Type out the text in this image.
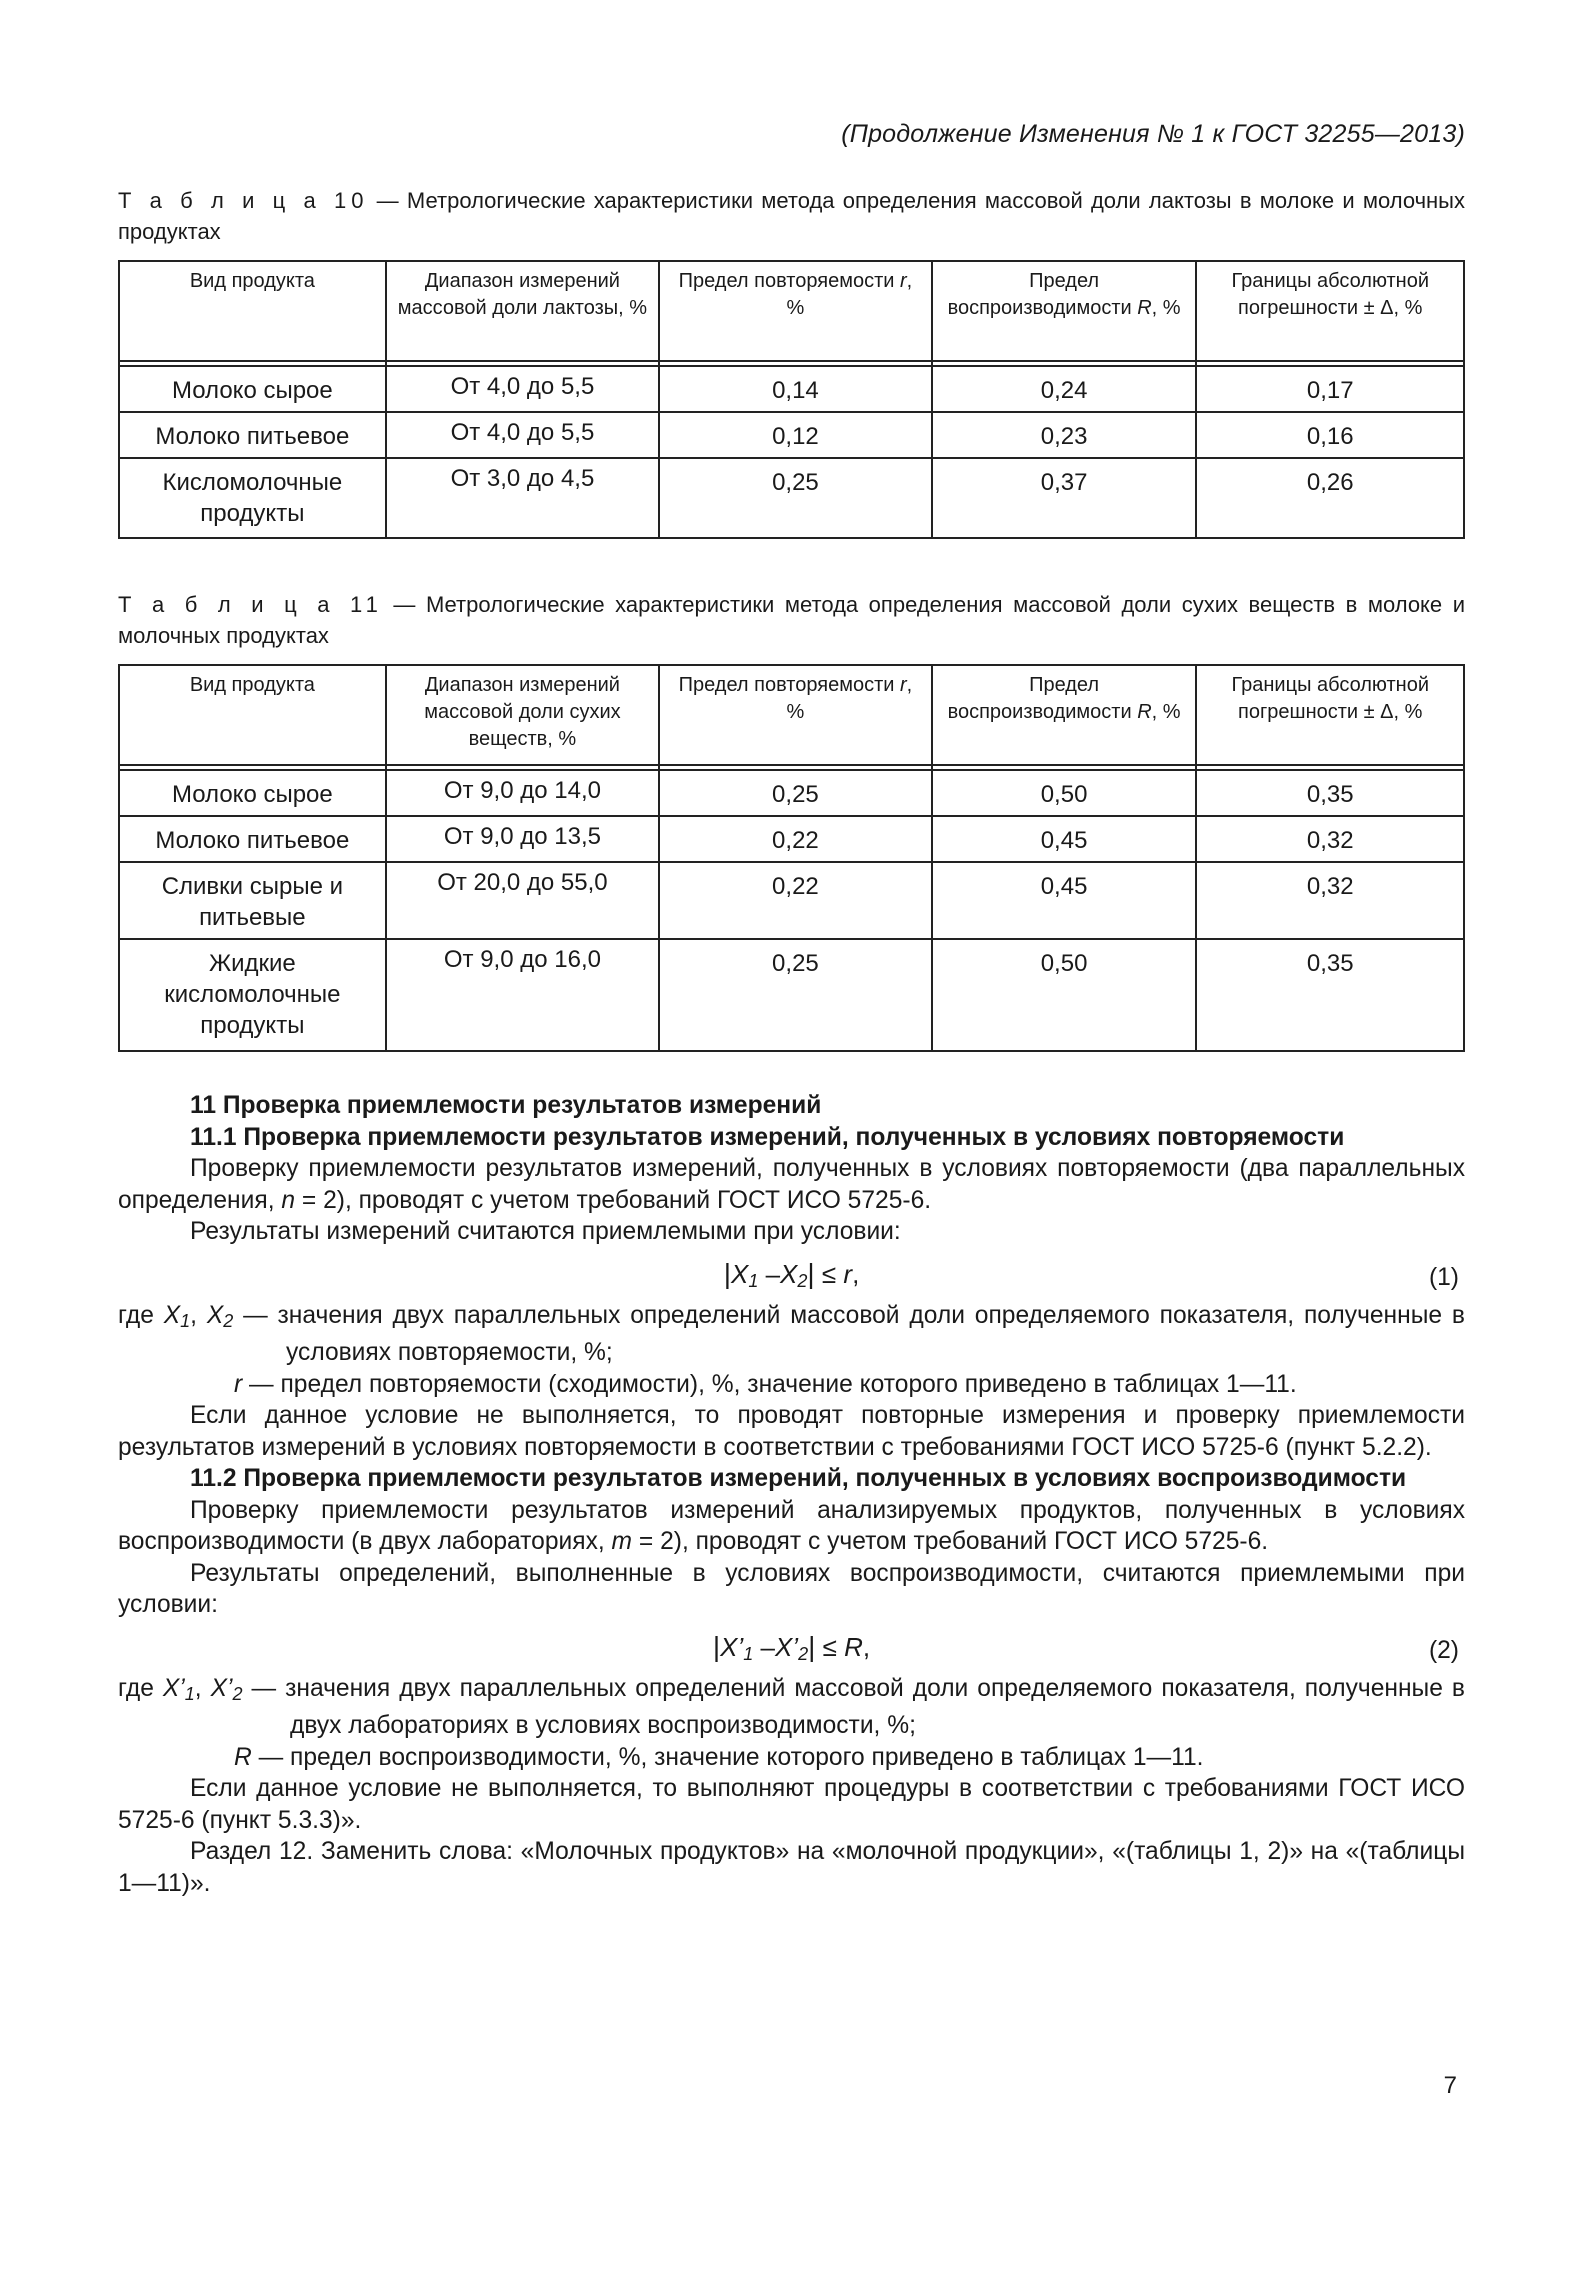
(Продолжение Изменения № 1 к ГОСТ 32255—2013)
Т а б л и ц а 10 — Метрологические характеристики метода определения массовой доли лактозы в молоке и молочных продуктах
Вид продукта	Диапазон измерений массовой доли лактозы, %	Предел повторяемости r, %	Предел воспроизводимости R, %	Границы абсолютной погрешности ± Δ, %

Молоко сырое	От 4,0 до 5,5	0,14	0,24	0,17
Молоко питьевое	От 4,0 до 5,5	0,12	0,23	0,16
Кисломолочные продукты	От 3,0 до 4,5	0,25	0,37	0,26
Т а б л и ц а 11 — Метрологические характеристики метода определения массовой доли сухих веществ в молоке и молочных продуктах
Вид продукта	Диапазон измерений массовой доли сухих веществ, %	Предел повторяемости r, %	Предел воспроизводимости R, %	Границы абсолютной погрешности ± Δ, %

Молоко сырое	От 9,0 до 14,0	0,25	0,50	0,35
Молоко питьевое	От 9,0 до 13,5	0,22	0,45	0,32
Сливки сырые и питьевые	От 20,0 до 55,0	0,22	0,45	0,32
Жидкие кисломолочные продукты	От 9,0 до 16,0	0,25	0,50	0,35

11 Проверка приемлемости результатов измерений

11.1 Проверка приемлемости результатов измерений, полученных в условиях повторяемости

Проверку приемлемости результатов измерений, полученных в условиях повторяемости (два параллельных определения, n = 2), проводят с учетом требований ГОСТ ИСО 5725-6.

Результаты измерений считаются приемлемыми при условии:

$|X_1$ $-X_2| \le r$,	(1)

где $X_1$, $X_2$ — значения двух параллельных определений массовой доли определяемого показателя, полученные в условиях повторяемости, %;

r — предел повторяемости (сходимости), %, значение которого приведено в таблицах 1—11.

Если данное условие не выполняется, то проводят повторные измерения и проверку приемлемости результатов измерений в условиях повторяемости в соответствии с требованиями ГОСТ ИСО 5725-6 (пункт 5.2.2).

11.2 Проверка приемлемости результатов измерений, полученных в условиях воспроизводимости

Проверку приемлемости результатов измерений анализируемых продуктов, полученных в условиях воспроизводимости (в двух лабораториях, m = 2), проводят с учетом требований ГОСТ ИСО 5725-6.

Результаты определений, выполненные в условиях воспроизводимости, считаются приемлемыми при условии:

$|X’_1$ $-X’_2| \le R$,	(2)

где $X’_1$, $X’_2$ — значения двух параллельных определений массовой доли определяемого показателя, полученные в двух лабораториях в условиях воспроизводимости, %;

R — предел воспроизводимости, %, значение которого приведено в таблицах 1—11.

Если данное условие не выполняется, то выполняют процедуры в соответствии с требованиями ГОСТ ИСО 5725-6 (пункт 5.3.3)».

Раздел 12. Заменить слова: «Молочных продуктов» на «молочной продукции», «(таблицы 1, 2)» на «(таблицы 1—11)».

7
